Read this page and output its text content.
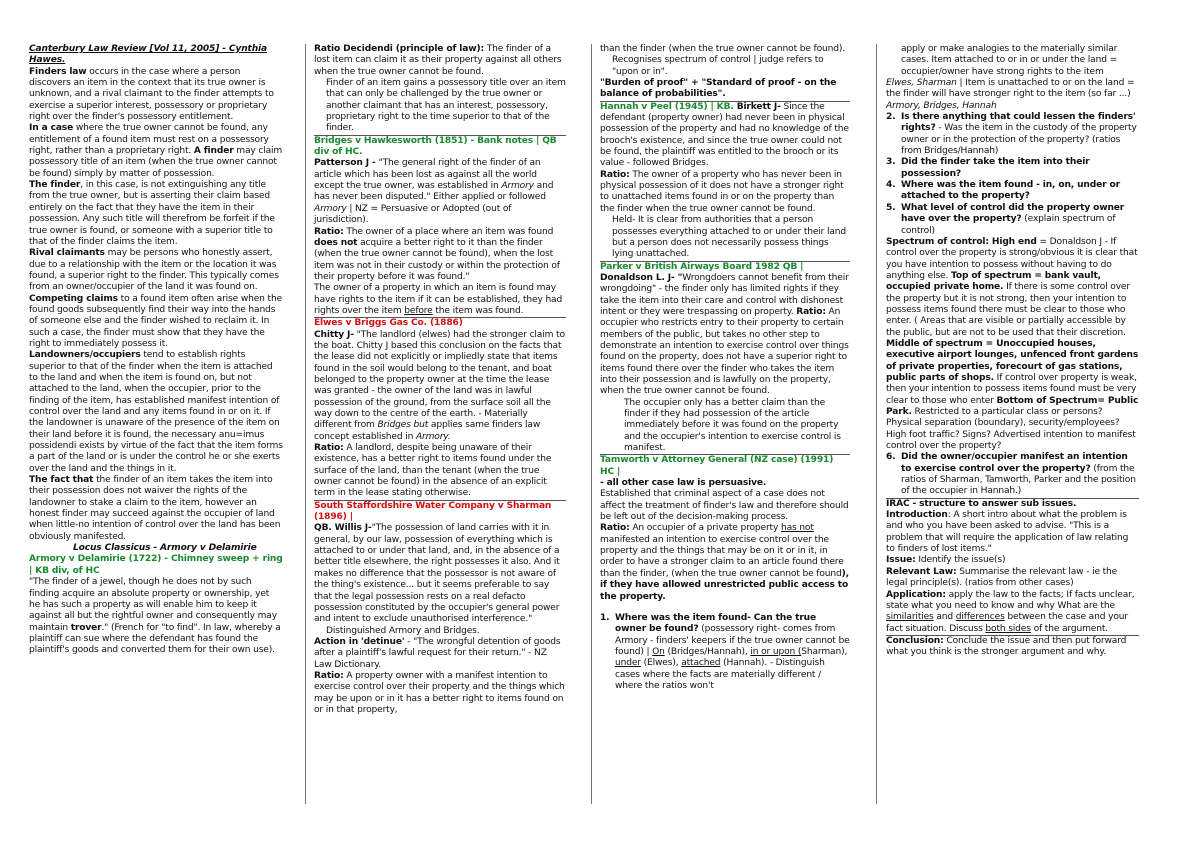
Canterbury Law Review [Vol 11, 2005] - Cynthia Hawes.

Finders law occurs in the case where a person discovers an item in the context that its true owner is unknown, and a rival claimant to the finder attempts to exercise a superior interest, possessory or proprietary right over the finder's possessory entitlement.

In a case where the true owner cannot be found, any entitlement of a found item must rest on a possessory right, rather than a proprietary right. A finder may claim possessory title of an item (when the true owner cannot be found) simply by matter of possession.

The finder, in this case, is not extinguishing any title from the true owner, but is asserting their claim based entirely on the fact that they have the item in their possession. Any such title will therefrom be forfeit if the true owner is found, or someone with a superior title to that of the finder claims the item.

Rival claimants may be persons who honestly assert, due to a relationship with the item or the location it was found, a superior right to the finder. This typically comes from an owner/occupier of the land it was found on.

Competing claims to a found item often arise when the found goods subsequently find their way into the hands of someone else and the finder wished to reclaim it. In such a case, the finder must show that they have the right to immediately possess it.

Landowners/occupiers tend to establish rights superior to that of the finder when the item is attached to the land and when the item is found on, but not attached to the land, when the occupier, prior to the finding of the item, has established manifest intention of control over the land and any items found in or on it. If the landowner is unaware of the presence of the item on their land before it is found, the necessary anu=imus possidendi exists by virtue of the fact that the item forms a part of the land or is under the control he or she exerts over the land and the things in it.

The fact that the finder of an item takes the item into their possession does not waiver the rights of the landowner to stake a claim to the item, however an honest finder may succeed against the occupier of land when little-no intention of control over the land has been obviously manifested.

Locus Classicus - Armory v Delamirie

Armory v Delamirie (1722) - Chimney sweep + ring

| KB div, of HC

"The finder of a jewel, though he does not by such finding acquire an absolute property or ownership, yet he has such a property as will enable him to keep it against all but the rightful owner and consequently may maintain trover." (French for "to find". In law, whereby a plaintiff can sue where the defendant has found the plaintiff's goods and converted them for their own use).

Ratio Decidendi (principle of law): The finder of a lost item can claim it as their property against all others when the true owner cannot be found.

Finder of an item gains a possessory title over an item that can only be challenged by the true owner or another claimant that has an interest, possessory, proprietary right to the time superior to that of the finder.

Bridges v Hawkesworth (1851) - Bank notes | QB div of HC.

Patterson J - "The general right of the finder of an article which has been lost as against all the world except the true owner, was established in Armory and has never been disputed." Either applied or followed Armory | NZ = Persuasive or Adopted (out of jurisdiction).

Ratio: The owner of a place where an item was found does not acquire a better right to it than the finder (when the true owner cannot be found), when the lost item was not in their custody or within the protection of their property before it was found."

The owner of a property in which an item is found may have rights to the item if it can be established, they had rights over the item before the item was found.

Elwes v Briggs Gas Co. (1886)

Chitty J- "The landlord (elwes) had the stronger claim to the boat. Chitty J based this conclusion on the facts that the lease did not explicitly or impliedly state that items found in the soil would belong to the tenant, and boat belonged to the property owner at the time the lease was granted - the owner of the land was in lawful possession of the ground, from the surface soil all the way down to the centre of the earth. - Materially different from Bridges but applies same finders law concept established in Armory.

Ratio: A landlord, despite being unaware of their existence, has a better right to items found under the surface of the land, than the tenant (when the true owner cannot be found) in the absence of an explicit term in the lease stating otherwise.

South Staffordshire Water Company v Sharman (1896) |

QB. Willis J-"The possession of land carries with it in general, by our law, possession of everything which is attached to or under that land, and, in the absence of a better title elsewhere, the right possesses it also. And it makes no difference that the possessor is not aware of the thing's existence... but it seems preferable to say that the legal possession rests on a real defacto possession constituted by the occupier's general power and intent to exclude unauthorised interference."

Distinguished Armory and Bridges.

Action in 'detinue' - "The wrongful detention of goods after a plaintiff's lawful request for their return." - NZ Law Dictionary.

Ratio: A property owner with a manifest intention to exercise control over their property and the things which may be upon or in it has a better right to items found on or in that property,

than the finder (when the true owner cannot be found).

Recognises spectrum of control | judge refers to "upon or in".

"Burden of proof" + "Standard of proof - on the balance of probabilities".

Hannah v Peel (1945) | KB. Birkett J- Since the defendant (property owner) had never been in physical possession of the property and had no knowledge of the brooch's existence, and since the true owner could not be found, the plaintiff was entitled to the brooch or its value - followed Bridges.

Ratio: The owner of a property who has never been in physical possession of it does not have a stronger right to unattached items found in or on the property than the finder when the true owner cannot be found.

Held- It is clear from authorities that a person possesses everything attached to or under their land but a person does not necessarily possess things lying unattached.

Parker v British Airways Board 1982 QB |

Donaldson L. J- "Wrongdoers cannot benefit from their wrongdoing" - the finder only has limited rights if they take the item into their care and control with dishonest intent or they were trespassing on property. Ratio: An occupier who restricts entry to their property to certain members of the public, but takes no other step to demonstrate an intention to exercise control over things found on the property, does not have a superior right to items found there over the finder who takes the item into their possession and is lawfully on the property, when the true owner cannot be found.

The occupier only has a better claim than the finder if they had possession of the article immediately before it was found on the property and the occupier's intention to exercise control is manifest.

Tamworth v Attorney General (NZ case) (1991) HC |

- all other case law is persuasive.

Established that criminal aspect of a case does not affect the treatment of finder's law and therefore should be left out of the decision-making process.

Ratio: An occupier of a private property has not manifested an intention to exercise control over the property and the things that may be on it or in it, in order to have a stronger claim to an article found there than the finder, (when the true owner cannot be found), if they have allowed unrestricted public access to the property.

1. Where was the item found- Can the true owner be found? (possessory right- comes from Armory - finders' keepers if the true owner cannot be found) | On (Bridges/Hannah), in or upon (Sharman), under (Elwes), attached (Hannah). - Distinguish cases where the facts are materially different / where the ratios won't

apply or make analogies to the materially similar cases. Item attached to or in or under the land = occupier/owner have strong rights to the item

Elwes, Sharman | Item is unattached to or on the land = the finder will have stronger right to the item (so far ...) Armory, Bridges, Hannah

2. Is there anything that could lessen the finders' rights? - Was the item in the custody of the property owner or in the protection of the property? (ratios from Bridges/Hannah)
3. Did the finder take the item into their possession?
4. Where was the item found - in, on, under or attached to the property?
5. What level of control did the property owner have over the property? (explain spectrum of control)

Spectrum of control: High end = Donaldson J - If control over the property is strong/obvious it is clear that you have intention to possess without having to do anything else. Top of spectrum = bank vault, occupied private home. If there is some control over the property but it is not strong, then your intention to possess items found there must be clear to those who enter. ( Areas that are visible or partially accessible by the public, but are not to be used that their discretion. Middle of spectrum = Unoccupied houses, executive airport lounges, unfenced front gardens of private properties, forecourt of gas stations, public parts of shops. If control over property is weak, then your intention to possess items found must be very clear to those who enter Bottom of Spectrum= Public Park. Restricted to a particular class or persons? Physical separation (boundary), security/employees? High foot traffic? Signs? Advertised intention to manifest control over the property?

6. Did the owner/occupier manifest an intention to exercise control over the property? (from the ratios of Sharman, Tamworth, Parker and the position of the occupier in Hannah.)

IRAC - structure to answer sub issues.

Introduction: A short intro about what the problem is and who you have been asked to advise. "This is a problem that will require the application of law relating to finders of lost items."

Issue: Identify the issue(s)

Relevant Law: Summarise the relevant law - ie the legal principle(s). (ratios from other cases)

Application: apply the law to the facts; If facts unclear, state what you need to know and why What are the similarities and differences between the case and your fact situation. Discuss both sides of the argument.

Conclusion: Conclude the issue and then put forward what you think is the stronger argument and why.
